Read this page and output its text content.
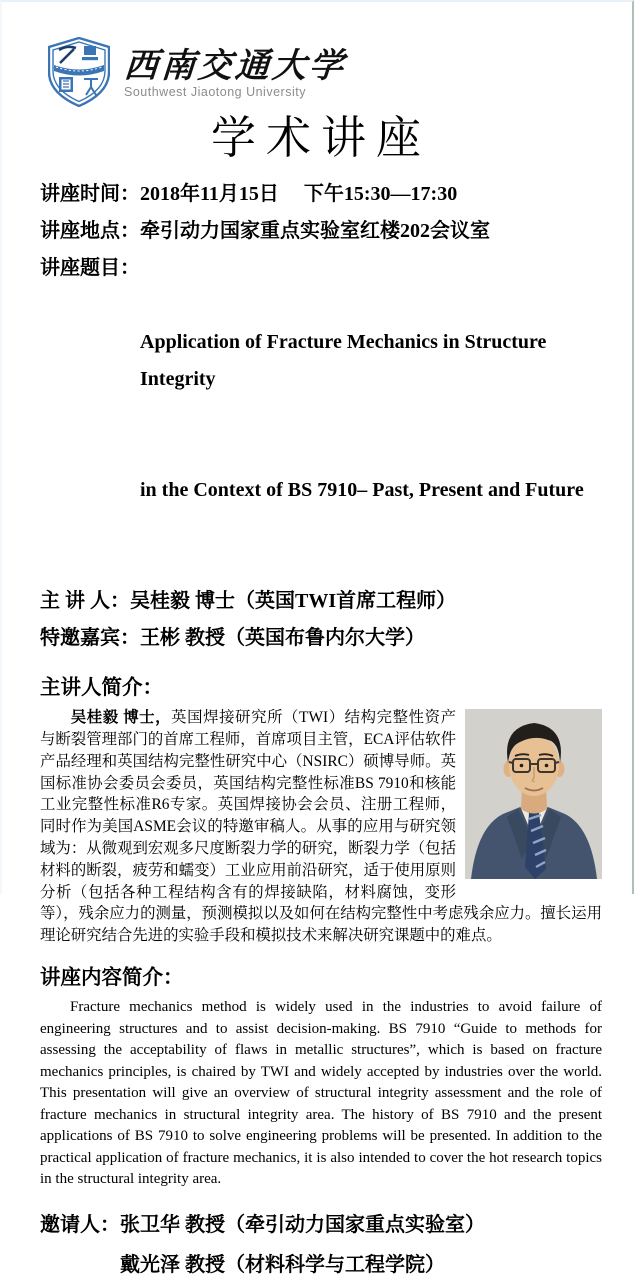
西南交通大学
Southwest Jiaotong University
学术讲座
讲座时间： 2018年11月15日　 下午15:30—17:30
讲座地点： 牵引动力国家重点实验室红楼202会议室
讲座题目：

Application of Fracture Mechanics in Structure Integrity

in the Context of BS 7910– Past, Present and Future

主 讲 人： 吴桂毅 博士（英国TWI首席工程师）
特邀嘉宾： 王彬 教授（英国布鲁内尔大学）
主讲人简介：

吴桂毅 博士，英国焊接研究所（TWI）结构完整性资产与断裂管理部门的首席工程师，首席项目主管，ECA评估软件产品经理和英国结构完整性研究中心（NSIRC）硕博导师。英国标准协会委员会委员，英国结构完整性标准BS 7910和核能工业完整性标准R6专家。英国焊接协会会员、注册工程师，同时作为美国ASME会议的特邀审稿人。从事的应用与研究领域为：从微观到宏观多尺度断裂力学的研究，断裂力学（包括材料的断裂，疲劳和蠕变）工业应用前沿研究，适于使用原则分析（包括各种工程结构含有的焊接缺陷，材料腐蚀，变形等），残余应力的测量，预测模拟以及如何在结构完整性中考虑残余应力。擅长运用理论研究结合先进的实验手段和模拟技术来解决研究课题中的难点。

讲座内容简介：

Fracture mechanics method is widely used in the industries to avoid failure of engineering structures and to assist decision-making. BS 7910 “Guide to methods for assessing the acceptability of flaws in metallic structures”, which is based on fracture mechanics principles, is chaired by TWI and widely accepted by industries over the world. This presentation will give an overview of structural integrity assessment and the role of fracture mechanics in structural integrity area. The history of BS 7910 and the present applications of BS 7910 to solve engineering problems will be presented. In addition to the practical application of fracture mechanics, it is also intended to cover the hot research topics in the structural integrity area.

邀请人： 张卫华 教授（牵引动力国家重点实验室）
戴光泽 教授（材料科学与工程学院）
